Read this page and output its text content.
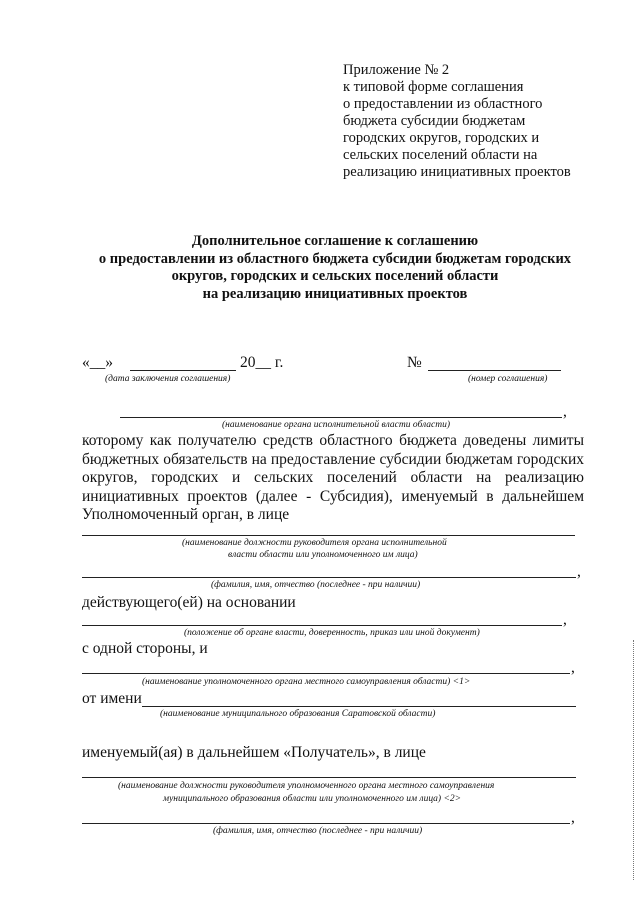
Приложение № 2
к типовой форме соглашения
о предоставлении из областного
бюджета субсидии бюджетам
городских округов, городских и
сельских поселений области на
реализацию инициативных проектов
Дополнительное соглашение к соглашению
о предоставлении из областного бюджета субсидии бюджетам городских
округов, городских и сельских поселений области
на реализацию инициативных проектов
«__»	20__ г.	№
(дата заключения соглашения)	(номер соглашения)
,
(наименование органа исполнительной власти области)
которому как получателю средств областного бюджета доведены лимиты бюджетных обязательств на предоставление субсидии бюджетам городских округов, городских и сельских поселений области на реализацию инициативных проектов (далее - Субсидия), именуемый в дальнейшем Уполномоченный орган, в лице
(наименование должности руководителя органа исполнительной
власти области или уполномоченного им лица)
,
(фамилия, имя, отчество (последнее - при наличии)
действующего(ей) на основании
,
(положение об органе власти, доверенность, приказ или иной документ)
с одной стороны, и
,
(наименование уполномоченного органа местного самоуправления области) <1>
от имени
(наименование муниципального образования Саратовской области)
именуемый(ая) в дальнейшем «Получатель», в лице
(наименование должности руководителя уполномоченного органа местного самоуправления
муниципального образования области или уполномоченного им лица) <2>
,
(фамилия, имя, отчество (последнее - при наличии)
